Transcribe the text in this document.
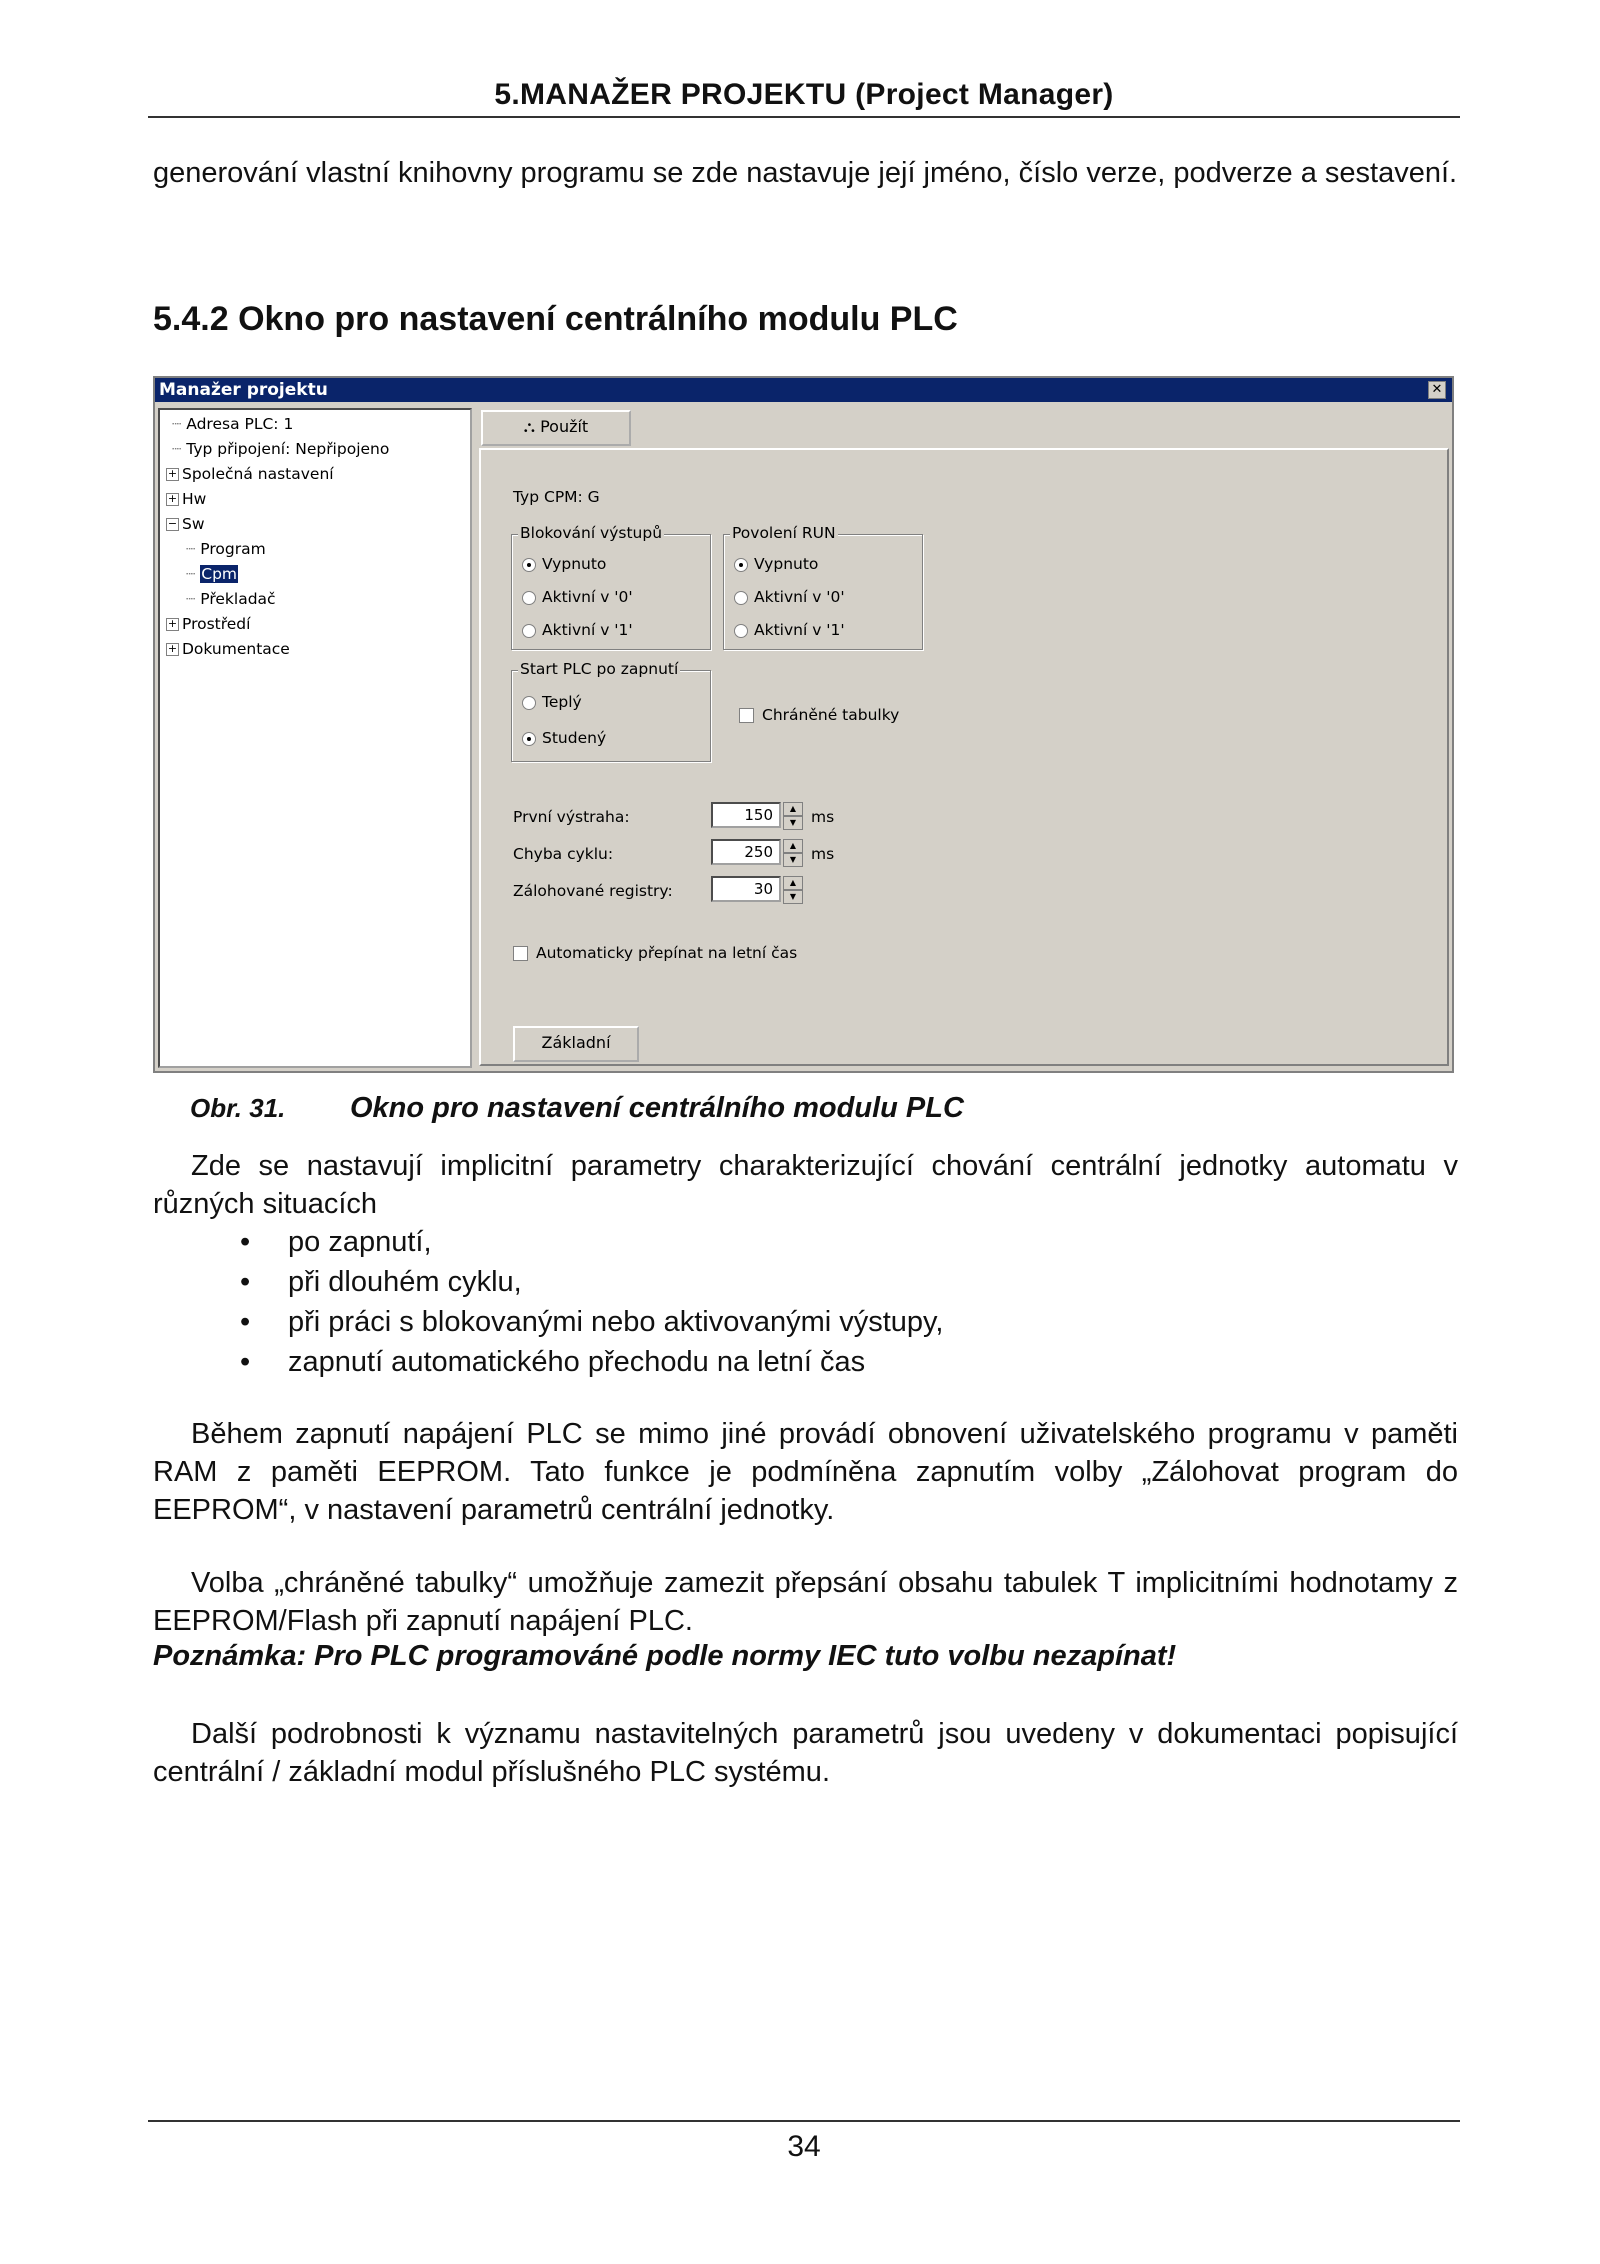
5.MANAŽER PROJEKTU (Project Manager)

generování vlastní knihovny programu se zde nastavuje její jméno, číslo verze, podverze a sestavení.

5.4.2 Okno pro nastavení centrálního modulu PLC
Manažer projektu	✕
┈ Adresa PLC: 1
┈ Typ připojení: Nepřipojeno
+ Společná nastavení
+ Hw
− Sw
┈ Program
┈ Cpm
┈ Překladač
+ Prostředí
+ Dokumentace
⛬ Použít
Typ CPM: G
Blokování výstupů
Vypnuto
Aktivní v '0'
Aktivní v '1'
Povolení RUN
Vypnuto
Aktivní v '0'
Aktivní v '1'
Start PLC po zapnutí
Teplý
Studený
Chráněné tabulky
První výstraha:	150	▲
▼ ms
Chyba cyklu:	250	▲
▼ ms
Zálohované registry:	30	▲
▼
Automaticky přepínat na letní čas
Základní
Obr. 31. Okno pro nastavení centrálního modulu PLC

Zde se nastavují implicitní parametry charakterizující chování centrální jednotky automatu v různých situacích

• po zapnutí,
• při dlouhém cyklu,
• při práci s blokovanými nebo aktivovanými výstupy,
• zapnutí automatického přechodu na letní čas

Během zapnutí napájení PLC se mimo jiné provádí obnovení uživatelského programu v paměti RAM z paměti EEPROM. Tato funkce je podmíněna zapnutím volby „Zálohovat program do EEPROM“, v nastavení parametrů centrální jednotky.

Volba „chráněné tabulky“ umožňuje zamezit přepsání obsahu tabulek T implicitními hodnotamy z EEPROM/Flash při zapnutí napájení PLC.

Poznámka: Pro PLC programováné podle normy IEC tuto volbu nezapínat!

Další podrobnosti k významu nastavitelných parametrů jsou uvedeny v dokumentaci popisující centrální / základní modul příslušného PLC systému.

34
